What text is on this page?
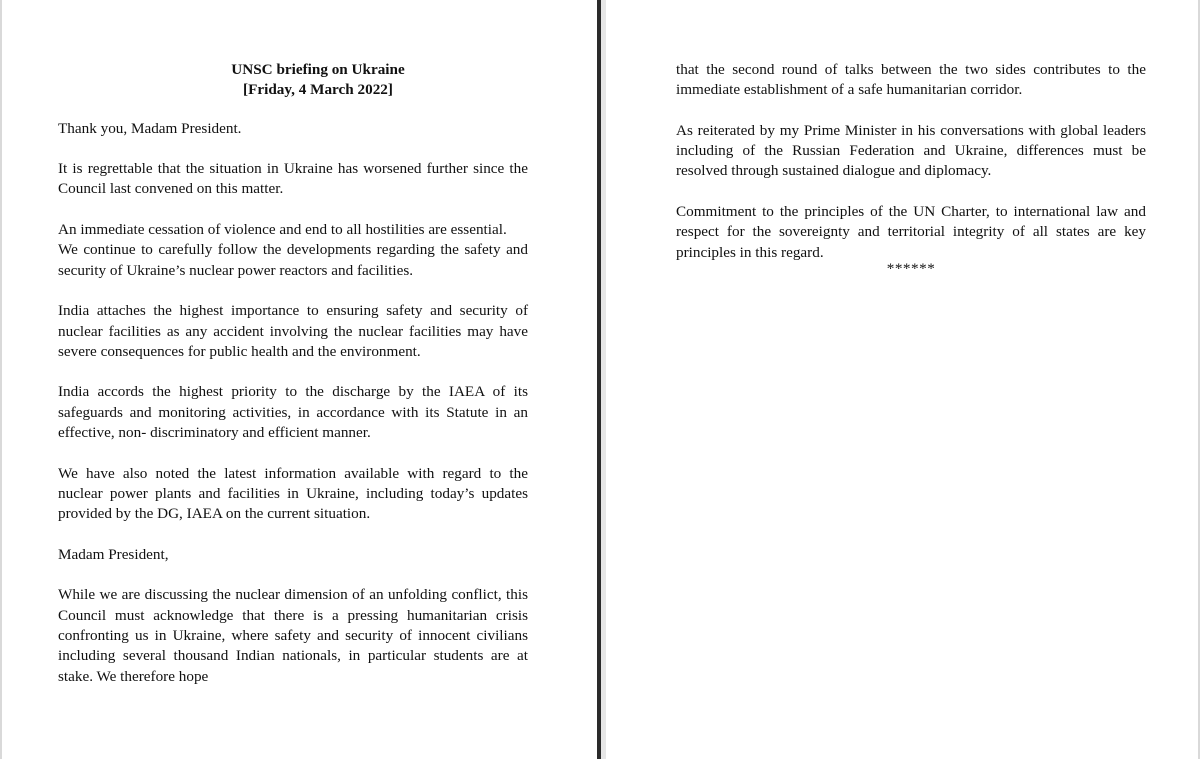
UNSC briefing on Ukraine
[Friday, 4 March 2022]

Thank you, Madam President.

It is regrettable that the situation in Ukraine has worsened further since the Council last convened on this matter.

An immediate cessation of violence and end to all hostilities are essential.

We continue to carefully follow the developments regarding the safety and security of Ukraine’s nuclear power reactors and facilities.

India attaches the highest importance to ensuring safety and security of nuclear facilities as any accident involving the nuclear facilities may have severe consequences for public health and the environment.

India accords the highest priority to the discharge by the IAEA of its safeguards and monitoring activities, in accordance with its Statute in an effective, non- discriminatory and efficient manner.

We have also noted the latest information available with regard to the nuclear power plants and facilities in Ukraine, including today’s updates provided by the DG, IAEA on the current situation.

Madam President,

While we are discussing the nuclear dimension of an unfolding conflict, this Council must acknowledge that there is a pressing humanitarian crisis confronting us in Ukraine, where safety and security of innocent civilians including several thousand Indian nationals, in particular students are at stake. We therefore hope

that the second round of talks between the two sides contributes to the immediate establishment of a safe humanitarian corridor.

As reiterated by my Prime Minister in his conversations with global leaders including of the Russian Federation and Ukraine, differences must be resolved through sustained dialogue and diplomacy.

Commitment to the principles of the UN Charter, to international law and respect for the sovereignty and territorial integrity of all states are key principles in this regard.

******
